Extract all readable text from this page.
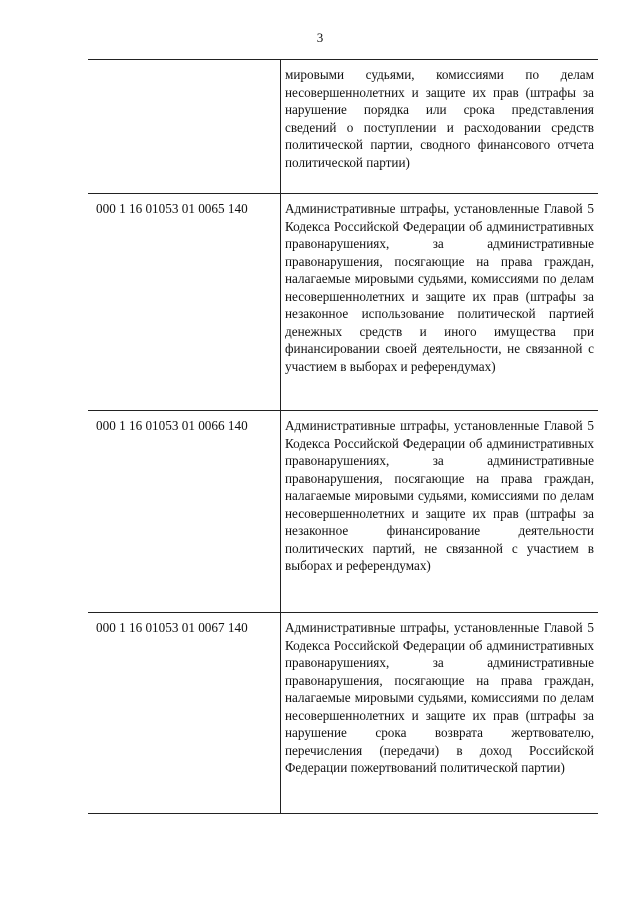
3
мировыми судьями, комиссиями по делам несовершеннолетних и защите их прав (штрафы за нарушение порядка или срока представления сведений о поступлении и расходовании средств политической партии, сводного финансового отчета политической партии)
000 1 16 01053 01 0065 140	Административные штрафы, установленные Главой 5 Кодекса Российской Федерации об административных правонарушениях, за административные правонарушения, посягающие на права граждан, налагаемые мировыми судьями, комиссиями по делам несовершеннолетних и защите их прав (штрафы за незаконное использование политической партией денежных средств и иного имущества при финансировании своей деятельности, не связанной с участием в выборах и референдумах)
000 1 16 01053 01 0066 140	Административные штрафы, установленные Главой 5 Кодекса Российской Федерации об административных правонарушениях, за административные правонарушения, посягающие на права граждан, налагаемые мировыми судьями, комиссиями по делам несовершеннолетних и защите их прав (штрафы за незаконное финансирование деятельности политических партий, не связанной с участием в выборах и референдумах)
000 1 16 01053 01 0067 140	Административные штрафы, установленные Главой 5 Кодекса Российской Федерации об административных правонарушениях, за административные правонарушения, посягающие на права граждан, налагаемые мировыми судьями, комиссиями по делам несовершеннолетних и защите их прав (штрафы за нарушение срока возврата жертвователю, перечисления (передачи) в доход Российской Федерации пожертвований политической партии)
